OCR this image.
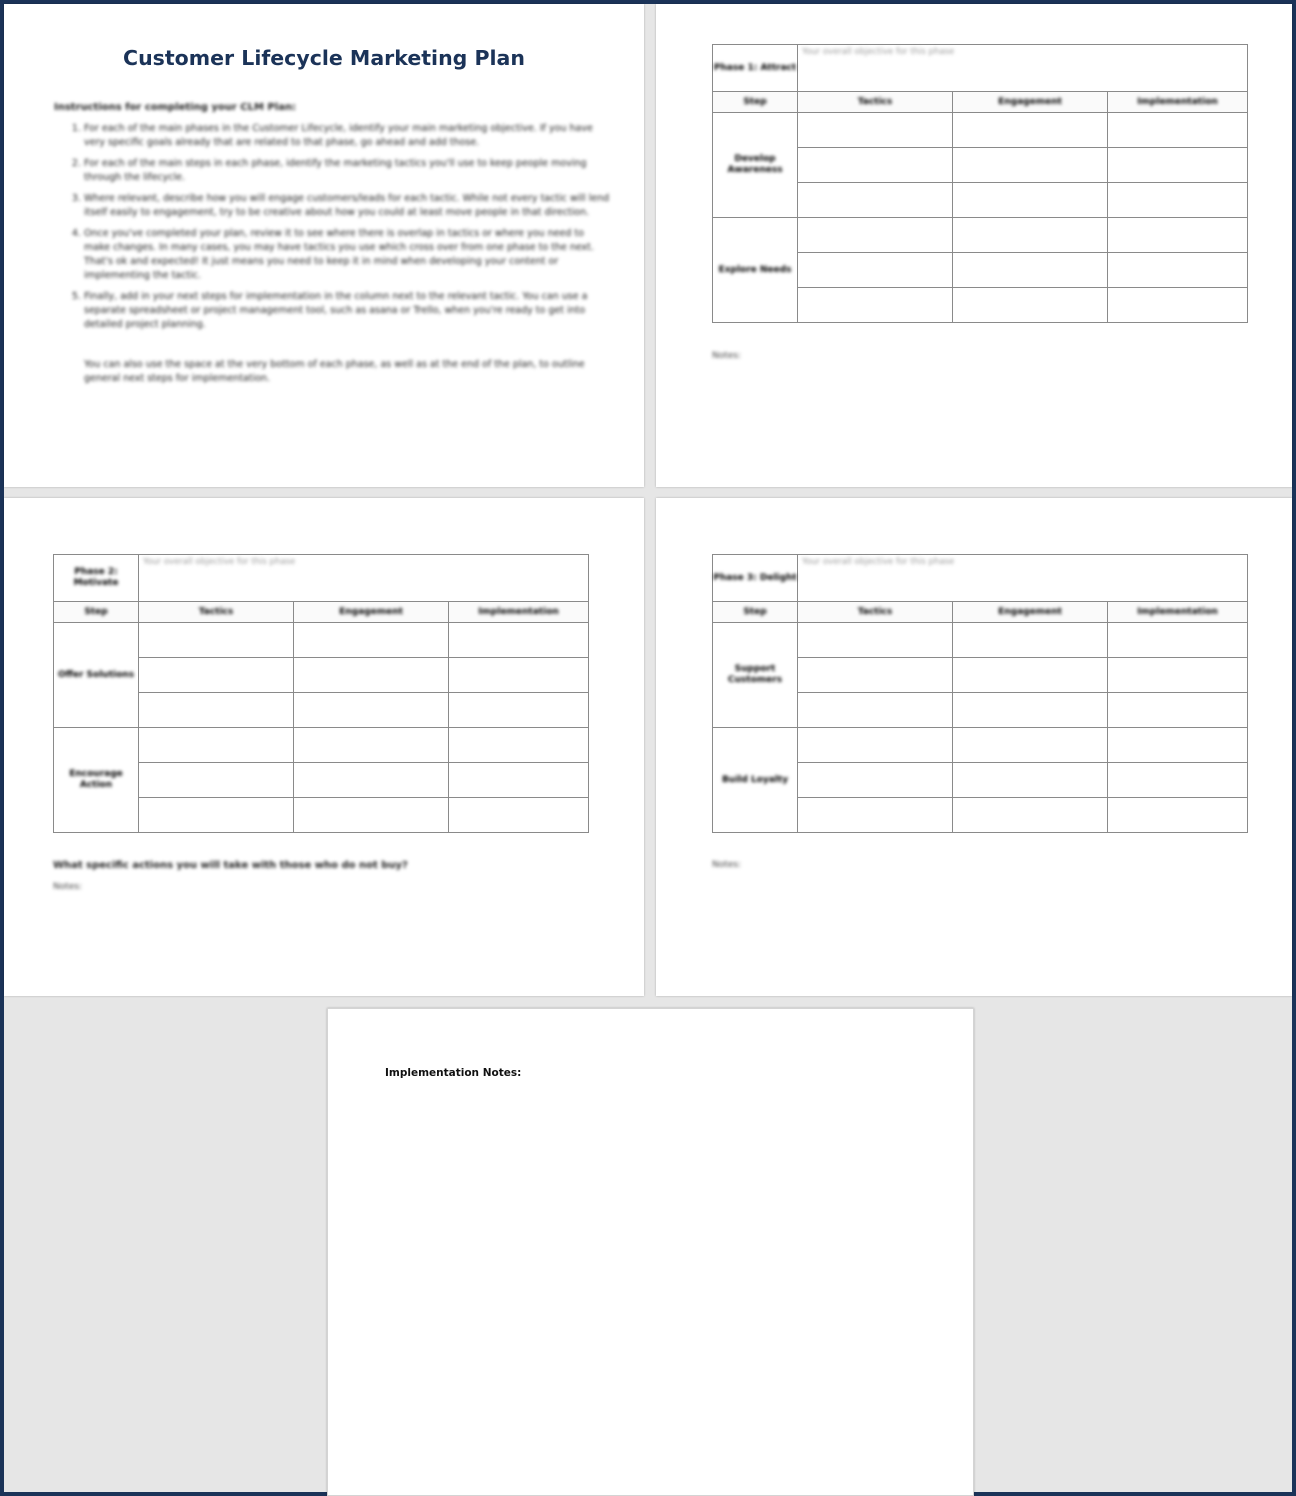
Customer Lifecycle Marketing Plan
Instructions for completing your CLM Plan:
1. For each of the main phases in the Customer Lifecycle, identify your main marketing objective. If you have very specific goals already that are related to that phase, go ahead and add those.
2. For each of the main steps in each phase, identify the marketing tactics you'll use to keep people moving through the lifecycle.
3. Where relevant, describe how you will engage customers/leads for each tactic. While not every tactic will lend itself easily to engagement, try to be creative about how you could at least move people in that direction.
4. Once you've completed your plan, review it to see where there is overlap in tactics or where you need to make changes. In many cases, you may have tactics you use which cross over from one phase to the next. That's ok and expected! It just means you need to keep it in mind when developing your content or implementing the tactic.
5. Finally, add in your next steps for implementation in the column next to the relevant tactic. You can use a separate spreadsheet or project management tool, such as asana or Trello, when you're ready to get into detailed project planning.
You can also use the space at the very bottom of each phase, as well as at the end of the plan, to outline general next steps for implementation.
Phase 1: Attract	Your overall objective for this phase		
Step	Tactics	Engagement	Implementation
Develop Awareness			

Explore Needs			

Notes:
Phase 2: Motivate	Your overall objective for this phase		
Step	Tactics	Engagement	Implementation
Offer Solutions			

Encourage Action			

What specific actions you will take with those who do not buy?
Notes:
Phase 3: Delight	Your overall objective for this phase		
Step	Tactics	Engagement	Implementation
Support Customers			

Build Loyalty			

Notes:
Implementation Notes:
